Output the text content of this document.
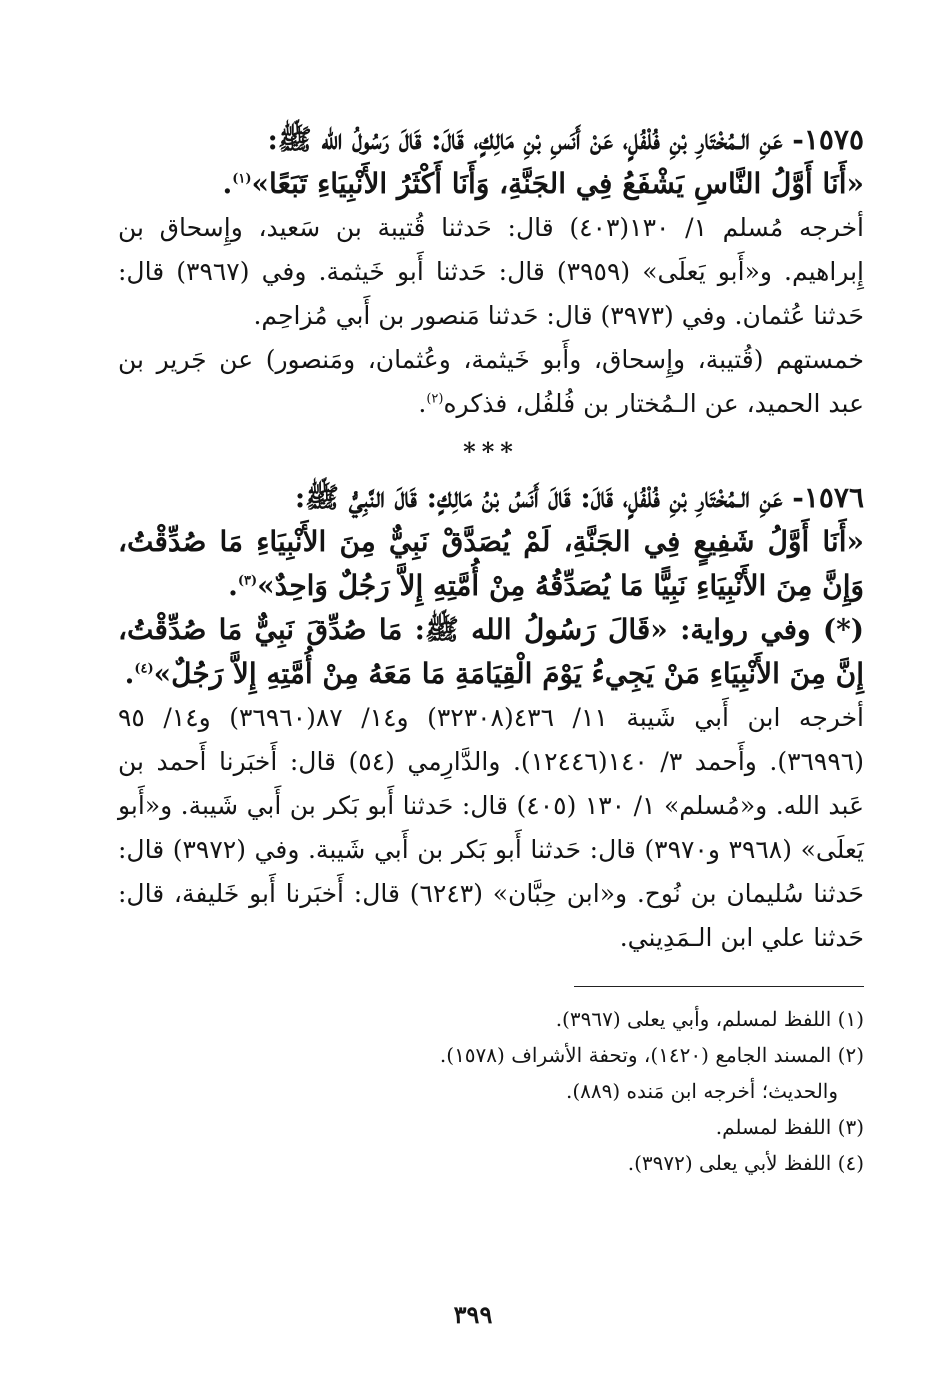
١٥٧٥- عَنِ الـمُخْتَارِ بْنِ فُلْفُلٍ، عَنْ أَنَسِ بْنِ مَالِكٍ، قَالَ: قَالَ رَسُولُ الله ﷺ:

«أَنَا أَوَّلُ النَّاسِ يَشْفَعُ فِي الجَنَّةِ، وَأَنَا أَكْثَرُ الأَنْبِيَاءِ تَبَعًا»$^{(١)}$.

أخرجه مُسلم ١/ ١٣٠(٤٠٣) قال: حَدثنا قُتيبة بن سَعيد، وإِسحاق بن إِبراهيم. و«أَبو يَعلَى» (٣٩٥٩) قال: حَدثنا أَبو خَيثمة. وفي (٣٩٦٧) قال: حَدثنا عُثمان. وفي (٣٩٧٣) قال: حَدثنا مَنصور بن أَبي مُزاحِم.

خمستهم (قُتيبة، وإِسحاق، وأَبو خَيثمة، وعُثمان، ومَنصور) عن جَرير بن عبد الحميد، عن الـمُختار بن فُلفُل، فذكره$^{(٢)}$.

***

١٥٧٦- عَنِ الـمُخْتَارِ بْنِ فُلْفُلٍ، قَالَ: قَالَ أَنَسُ بْنُ مَالِكٍ: قَالَ النَّبِيُّ ﷺ:

«أَنَا أَوَّلُ شَفِيعٍ فِي الجَنَّةِ، لَمْ يُصَدَّقْ نَبِيٌّ مِنَ الأَنْبِيَاءِ مَا صُدِّقْتُ، وَإِنَّ مِنَ الأَنْبِيَاءِ نَبِيًّا مَا يُصَدِّقُهُ مِنْ أُمَّتِهِ إِلاَّ رَجُلٌ وَاحِدٌ»$^{(٣)}$.

(*) وفي رواية: «قَالَ رَسُولُ الله ﷺ: مَا صُدِّقَ نَبِيٌّ مَا صُدِّقْتُ، إِنَّ مِنَ الأَنْبِيَاءِ مَنْ يَجِيءُ يَوْمَ الْقِيَامَةِ مَا مَعَهُ مِنْ أُمَّتِهِ إِلاَّ رَجُلٌ»$^{(٤)}$.

أخرجه ابن أَبي شَيبة ١١/ ٤٣٦(٣٢٣٠٨) و١٤/ ٨٧(٣٦٩٦٠) و١٤/ ٩٥ (٣٦٩٩٦). وأَحمد ٣/ ١٤٠(١٢٤٤٦). والدَّارِمي (٥٤) قال: أَخبَرنا أَحمد بن عَبد الله. و«مُسلم» ١/ ١٣٠ (٤٠٥) قال: حَدثنا أَبو بَكر بن أَبي شَيبة. و«أَبو يَعلَى» (٣٩٦٨ و٣٩٧٠) قال: حَدثنا أَبو بَكر بن أَبي شَيبة. وفي (٣٩٧٢) قال: حَدثنا سُليمان بن نُوح. و«ابن حِبَّان» (٦٢٤٣) قال: أَخبَرنا أَبو خَليفة، قال: حَدثنا علي ابن الـمَدِيني.

(١) اللفظ لمسلم، وأبي يعلى (٣٩٦٧).

(٢) المسند الجامع (١٤٢٠)، وتحفة الأشراف (١٥٧٨).

والحديث؛ أخرجه ابن مَنده (٨٨٩).

(٣) اللفظ لمسلم.

(٤) اللفظ لأبي يعلى (٣٩٧٢).

٣٩٩
